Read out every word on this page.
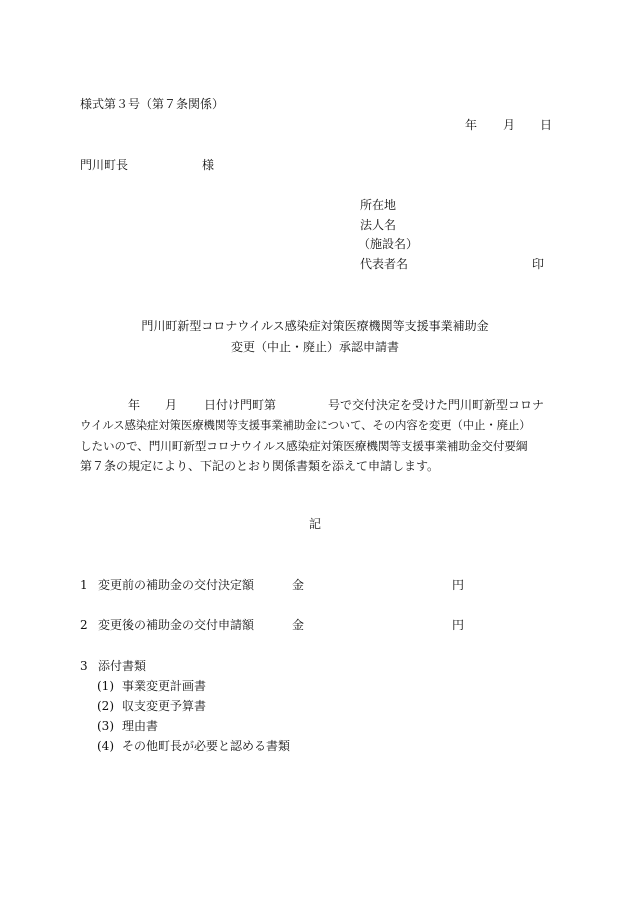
様式第３号（第７条関係）
年 月 日
門川町長	様
所在地
法人名
（施設名）
代表者名	印
門川町新型コロナウイルス感染症対策医療機関等支援事業補助金
変更（中止・廃止）承認申請書
年 月 日付け門町第	号で交付決定を受けた門川町新型コロナ
ウイルス感染症対策医療機関等支援事業補助金について、その内容を変更（中止・廃止）
したいので、門川町新型コロナウイルス感染症対策医療機関等支援事業補助金交付要綱
第７条の規定により、下記のとおり関係書類を添えて申請します。
記
1 変更前の補助金の交付決定額	金	円
2 変更後の補助金の交付申請額	金	円
3 添付書類
(1) 事業変更計画書
(2) 収支変更予算書
(3) 理由書
(4) その他町長が必要と認める書類
